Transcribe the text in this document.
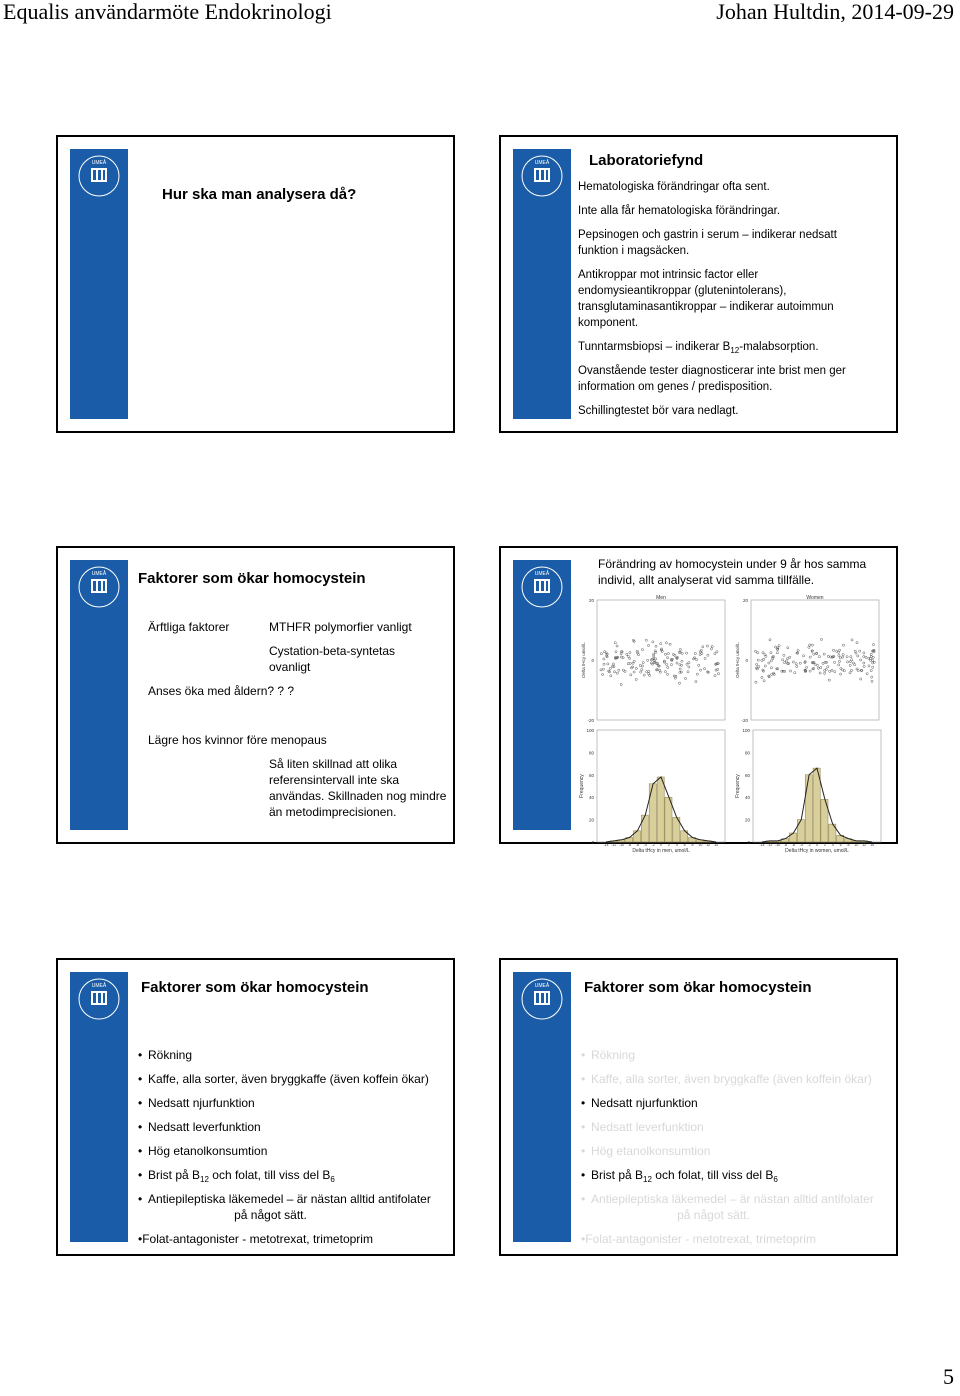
Equalis användarmöte Endokrinologi	Johan Hultdin, 2014-09-29
UMEÅ
Hur ska man analysera då?
UMEÅ	Laboratoriefynd
Hematologiska förändringar ofta sent.
Inte alla får hematologiska förändringar.
Pepsinogen och gastrin i serum – indikerar nedsatt funktion i magsäcken.
Antikroppar mot intrinsic factor eller endomysieantikroppar (glutenintolerans), transglutaminasantikroppar – indikerar autoimmun komponent.
Tunntarmsbiopsi – indikerar $B_{12}$-malabsorption.
Ovanstående tester diagnosticerar inte brist men ger information om genes / predisposition.
Schillingtestet bör vara nedlagt.
UMEÅ Faktorer som ökar homocystein
Ärftliga faktorer	MTHFR polymorfier vanligt
Cystation-beta-syntetas ovanligt
Anses öka med åldern? ? ?
Lägre hos kvinnor före menopaus
Så liten skillnad att olika referensintervall inte ska användas. Skillnaden nog mindre än metodimprecisionen.
UMEÅ
Förändring av homocystein under 9 år hos samma individ, allt analyserat vid samma tillfälle.
Men
Delta tHcy umol/L
-20
0
20	Women
Delta tHcy umol/L
-20
0
20
Frequency
Delta tHcy in men, umol/L
0
20
40
60
80
100
-14 -12 -10 -8 -6 -4 -2 0 2 4 6 8 10 12 14
Frequency
Delta tHcy in women, umol/L
0
20
40
60
80
100
-14 -12 -10 -8 -6 -4 -2 0 2 4 6 8 10 12 14
UMEÅ Faktorer som ökar homocystein
• Rökning
• Kaffe, alla sorter, även bryggkaffe (även koffein ökar)
• Nedsatt njurfunktion
• Nedsatt leverfunktion
• Hög etanolkonsumtion
• Brist på $B_{12}$ och folat, till viss del $B_6$
• Antiepileptiska läkemedel – är nästan alltid antifolater
på något sätt.
•Folat-antagonister - metotrexat, trimetoprim
UMEÅ Faktorer som ökar homocystein
• Rökning
• Kaffe, alla sorter, även bryggkaffe (även koffein ökar)
• Nedsatt njurfunktion
• Nedsatt leverfunktion
• Hög etanolkonsumtion
• Brist på $B_{12}$ och folat, till viss del $B_6$
• Antiepileptiska läkemedel – är nästan alltid antifolater
på något sätt.
•Folat-antagonister - metotrexat, trimetoprim
5
